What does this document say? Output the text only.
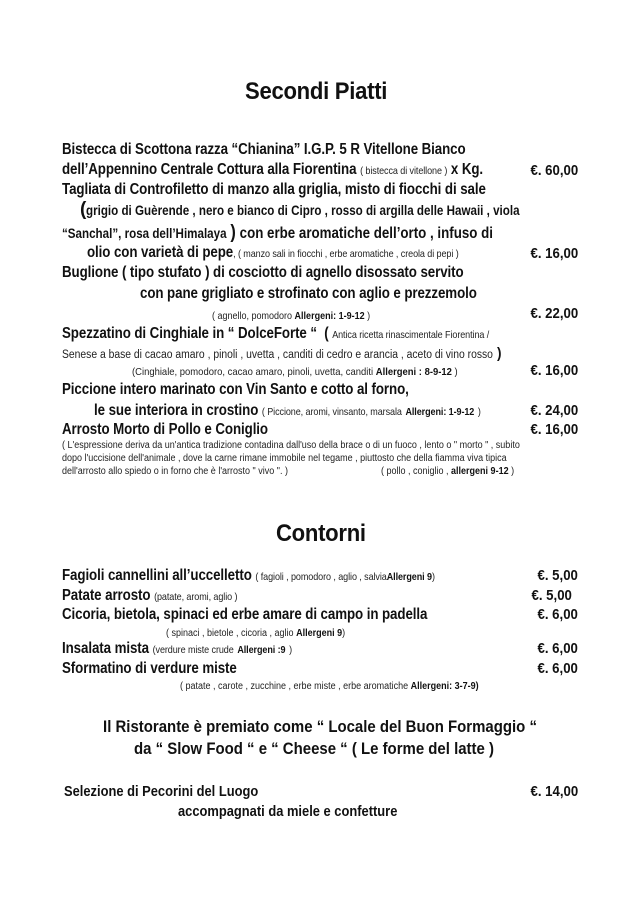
Secondi Piatti
Bistecca di Scottona razza “Chianina” I.G.P. 5 R Vitellone Bianco
dell’Appennino Centrale Cottura alla Fiorentina ( bistecca di vitellone ) x Kg.	€. 60,00
Tagliata di Controfiletto di manzo alla griglia, misto di fiocchi di sale
(grigio di Guèrende , nero e bianco di Cipro , rosso di argilla delle Hawaii , viola
“Sanchal”, rosa dell’Himalaya ) con erbe aromatiche dell’orto , infuso di
olio con varietà di pepe, ( manzo sali in fiocchi , erbe aromatiche , creola di pepi )	€. 16,00
Buglione ( tipo stufato ) di cosciotto di agnello disossato servito
con pane grigliato e strofinato con aglio e prezzemolo
( agnello, pomodoro Allergeni: 1-9-12 )	€. 22,00
Spezzatino di Cinghiale in “ DolceForte “ ( Antica ricetta rinascimentale Fiorentina /
Senese a base di cacao amaro , pinoli , uvetta , canditi di cedro e arancia , aceto di vino rosso )
(Cinghiale, pomodoro, cacao amaro, pinoli, uvetta, canditi Allergeni : 8-9-12 )	€. 16,00
Piccione intero marinato con Vin Santo e cotto al forno,
le sue interiora in crostino ( Piccione, aromi, vinsanto, marsala Allergeni: 1-9-12 )	€. 24,00
Arrosto Morto di Pollo e Coniglio	€. 16,00
( L'espressione deriva da un'antica tradizione contadina dall'uso della brace o di un fuoco , lento o " morto " , subito
dopo l'uccisione dell'animale , dove la carne rimane immobile nel tegame , piuttosto che della fiamma viva tipica
dell'arrosto allo spiedo o in forno che è l'arrosto " vivo ". )	( pollo , coniglio , allergeni 9-12 )
Contorni
Fagioli cannellini all’uccelletto ( fagioli , pomodoro , aglio , salviaAllergeni 9)	€. 5,00
Patate arrosto (patate, aromi, aglio )	€. 5,00
Cicoria, bietola, spinaci ed erbe amare di campo in padella	€. 6,00
( spinaci , bietole , cicoria , aglio Allergeni 9)
Insalata mista (verdure miste crude Allergeni :9 )	€. 6,00
Sformatino di verdure miste	€. 6,00
( patate , carote , zucchine , erbe miste , erbe aromatiche Allergeni: 3-7-9)
Il Ristorante è premiato come “ Locale del Buon Formaggio “
da “ Slow Food “ e “ Cheese “ ( Le forme del latte )
Selezione di Pecorini del Luogo	€. 14,00
accompagnati da miele e confetture
